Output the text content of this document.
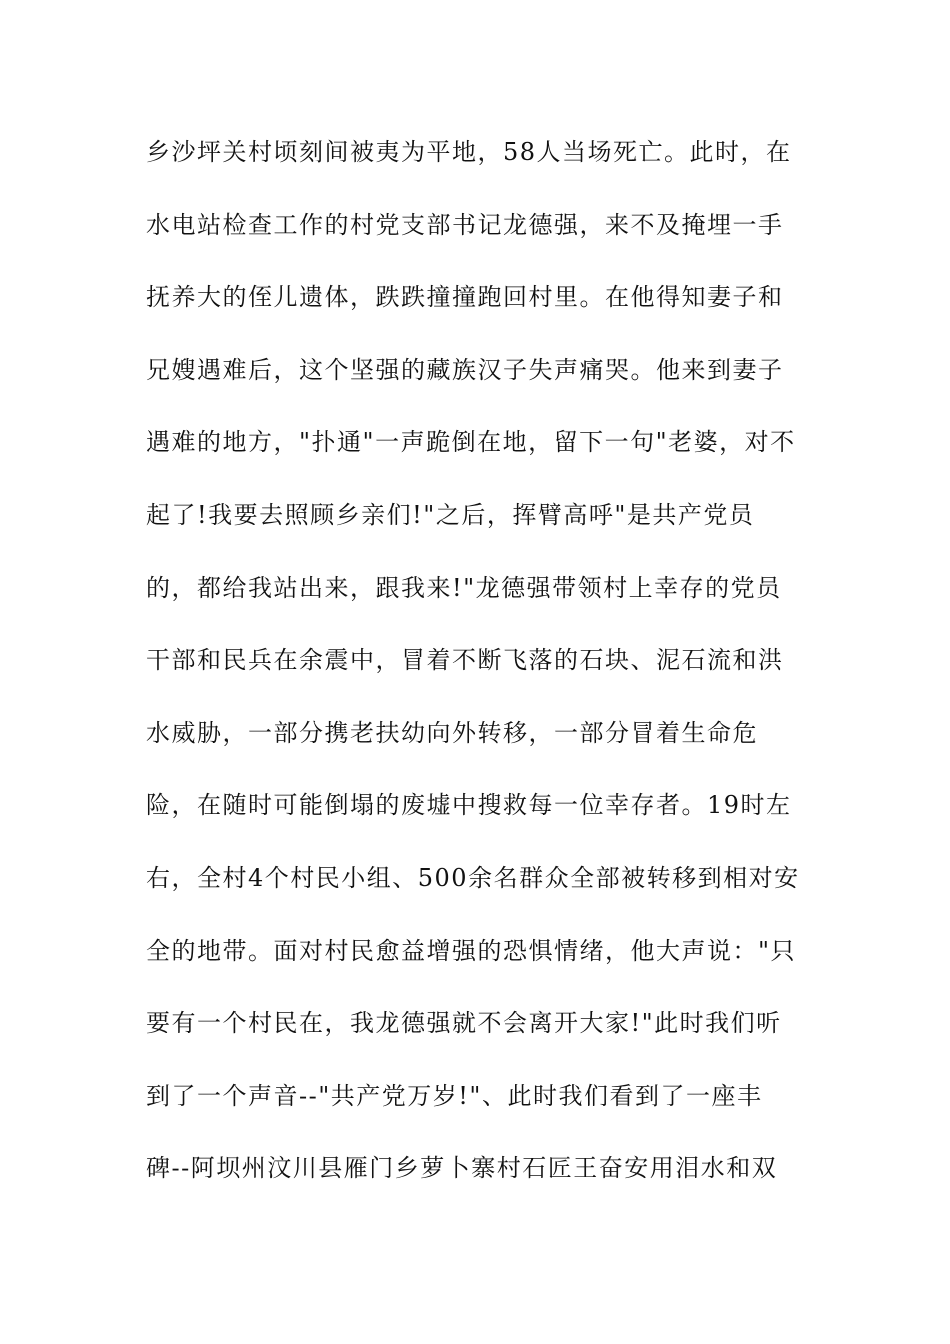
乡沙坪关村顷刻间被夷为平地，58人当场死亡。此时，在
水电站检查工作的村党支部书记龙德强，来不及掩埋一手
抚养大的侄儿遗体，跌跌撞撞跑回村里。在他得知妻子和
兄嫂遇难后，这个坚强的藏族汉子失声痛哭。他来到妻子
遇难的地方，"扑通"一声跪倒在地，留下一句"老婆，对不
起了!我要去照顾乡亲们!"之后，挥臂高呼"是共产党员
的，都给我站出来，跟我来!"龙德强带领村上幸存的党员
干部和民兵在余震中，冒着不断飞落的石块、泥石流和洪
水威胁，一部分携老扶幼向外转移，一部分冒着生命危
险，在随时可能倒塌的废墟中搜救每一位幸存者。19时左
右，全村4个村民小组、500余名群众全部被转移到相对安
全的地带。面对村民愈益增强的恐惧情绪，他大声说："只
要有一个村民在，我龙德强就不会离开大家!"此时我们听
到了一个声音--"共产党万岁!"、此时我们看到了一座丰
碑--阿坝州汶川县雁门乡萝卜寨村石匠王奋安用泪水和双
